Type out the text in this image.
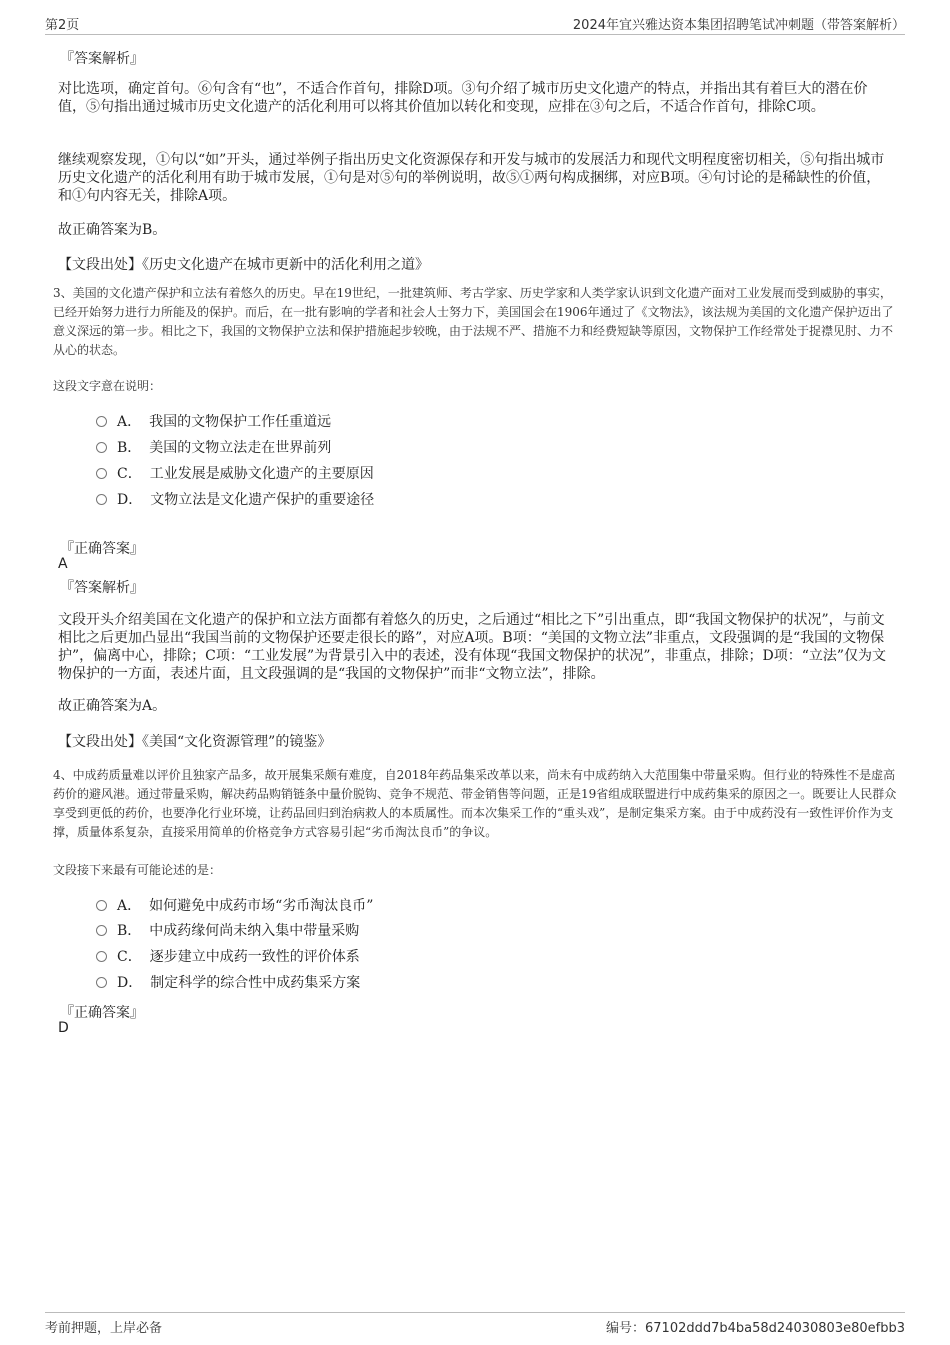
第2页	2024年宜兴雅达资本集团招聘笔试冲刺题（带答案解析）
『答案解析』
对比选项，确定首句。⑥句含有“也”，不适合作首句，排除D项。③句介绍了城市历史文化遗产的特点，并指出其有着巨大的潜在价值，⑤句指出通过城市历史文化遗产的活化利用可以将其价值加以转化和变现，应排在③句之后，不适合作首句，排除C项。
继续观察发现，①句以“如”开头，通过举例子指出历史文化资源保存和开发与城市的发展活力和现代文明程度密切相关，⑤句指出城市历史文化遗产的活化利用有助于城市发展，①句是对⑤句的举例说明，故⑤①两句构成捆绑，对应B项。④句讨论的是稀缺性的价值，和①句内容无关，排除A项。
故正确答案为B。
【文段出处】《历史文化遗产在城市更新中的活化利用之道》
3、美国的文化遗产保护和立法有着悠久的历史。早在19世纪，一批建筑师、考古学家、历史学家和人类学家认识到文化遗产面对工业发展而受到威胁的事实，已经开始努力进行力所能及的保护。而后，在一批有影响的学者和社会人士努力下，美国国会在1906年通过了《文物法》，该法规为美国的文化遗产保护迈出了意义深远的第一步。相比之下，我国的文物保护立法和保护措施起步较晚，由于法规不严、措施不力和经费短缺等原因，文物保护工作经常处于捉襟见肘、力不从心的状态。
这段文字意在说明：
A． 我国的文物保护工作任重道远
B． 美国的文物立法走在世界前列
C． 工业发展是威胁文化遗产的主要原因
D． 文物立法是文化遗产保护的重要途径
『正确答案』
A
『答案解析』
文段开头介绍美国在文化遗产的保护和立法方面都有着悠久的历史，之后通过“相比之下”引出重点，即“我国文物保护的状况”，与前文相比之后更加凸显出“我国当前的文物保护还要走很长的路”，对应A项。B项：“美国的文物立法”非重点，文段强调的是“我国的文物保护”，偏离中心，排除；C项：“工业发展”为背景引入中的表述，没有体现“我国文物保护的状况”，非重点，排除；D项：“立法”仅为文物保护的一方面，表述片面，且文段强调的是“我国的文物保护”而非“文物立法”，排除。
故正确答案为A。
【文段出处】《美国“文化资源管理”的镜鉴》
4、中成药质量难以评价且独家产品多，故开展集采颇有难度，自2018年药品集采改革以来，尚未有中成药纳入大范围集中带量采购。但行业的特殊性不是虚高药价的避风港。通过带量采购，解决药品购销链条中量价脱钩、竞争不规范、带金销售等问题，正是19省组成联盟进行中成药集采的原因之一。既要让人民群众享受到更低的药价，也要净化行业环境，让药品回归到治病救人的本质属性。而本次集采工作的“重头戏”，是制定集采方案。由于中成药没有一致性评价作为支撑，质量体系复杂，直接采用简单的价格竞争方式容易引起“劣币淘汰良币”的争议。
文段接下来最有可能论述的是：
A． 如何避免中成药市场“劣币淘汰良币”
B． 中成药缘何尚未纳入集中带量采购
C． 逐步建立中成药一致性的评价体系
D． 制定科学的综合性中成药集采方案
『正确答案』
D
考前押题，上岸必备	编号：67102ddd7b4ba58d24030803e80efbb3
